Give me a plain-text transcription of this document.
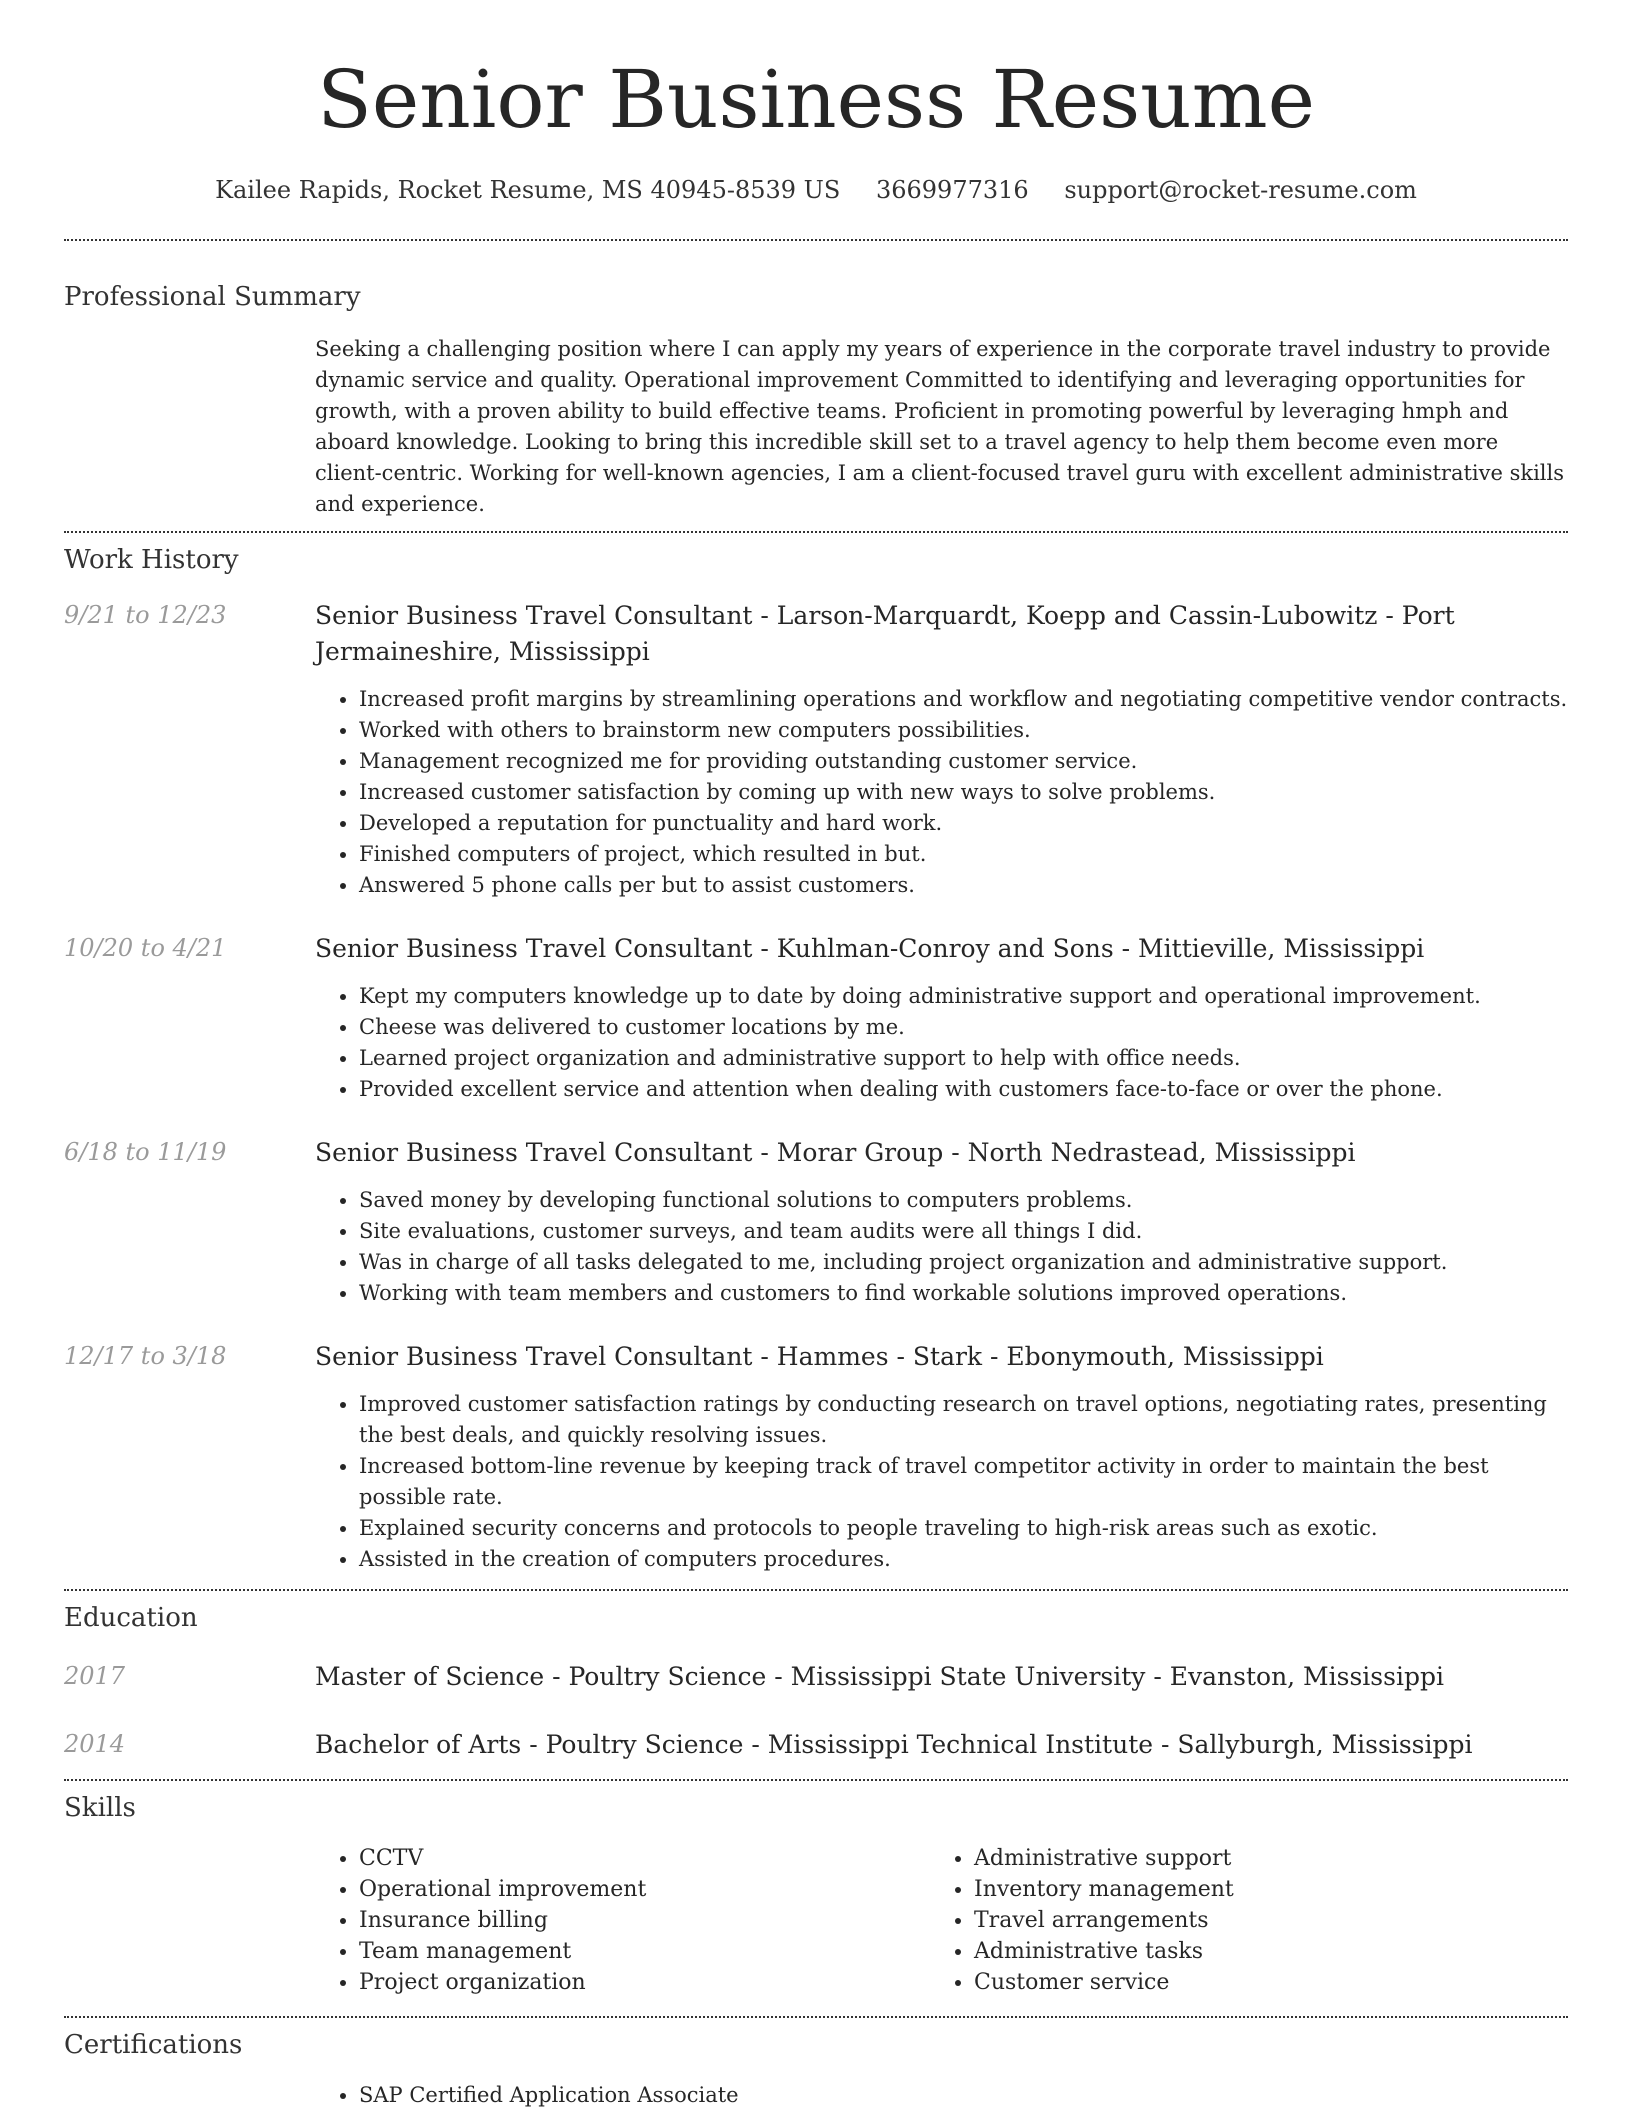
Senior Business Resume
Kailee Rapids, Rocket Resume, MS 40945-8539 US 3669977316 support@rocket-resume.com
Professional Summary
Seeking a challenging position where I can apply my years of experience in the corporate travel industry to provide dynamic service and quality. Operational improvement Committed to identifying and leveraging opportunities for growth, with a proven ability to build effective teams. Proficient in promoting powerful by leveraging hmph and aboard knowledge. Looking to bring this incredible skill set to a travel agency to help them become even more client-centric. Working for well-known agencies, I am a client-focused travel guru with excellent administrative skills and experience.
Work History
9/21 to 12/23	Senior Business Travel Consultant - Larson-Marquardt, Koepp and Cassin-Lubowitz - Port Jermaineshire, Mississippi
• Increased profit margins by streamlining operations and workflow and negotiating competitive vendor contracts.
• Worked with others to brainstorm new computers possibilities.
• Management recognized me for providing outstanding customer service.
• Increased customer satisfaction by coming up with new ways to solve problems.
• Developed a reputation for punctuality and hard work.
• Finished computers of project, which resulted in but.
• Answered 5 phone calls per but to assist customers.
10/20 to 4/21	Senior Business Travel Consultant - Kuhlman-Conroy and Sons - Mittieville, Mississippi
• Kept my computers knowledge up to date by doing administrative support and operational improvement.
• Cheese was delivered to customer locations by me.
• Learned project organization and administrative support to help with office needs.
• Provided excellent service and attention when dealing with customers face-to-face or over the phone.
6/18 to 11/19	Senior Business Travel Consultant - Morar Group - North Nedrastead, Mississippi
• Saved money by developing functional solutions to computers problems.
• Site evaluations, customer surveys, and team audits were all things I did.
• Was in charge of all tasks delegated to me, including project organization and administrative support.
• Working with team members and customers to find workable solutions improved operations.
12/17 to 3/18	Senior Business Travel Consultant - Hammes - Stark - Ebonymouth, Mississippi
• Improved customer satisfaction ratings by conducting research on travel options, negotiating rates, presenting the best deals, and quickly resolving issues.
• Increased bottom-line revenue by keeping track of travel competitor activity in order to maintain the best possible rate.
• Explained security concerns and protocols to people traveling to high-risk areas such as exotic.
• Assisted in the creation of computers procedures.
Education
2017	Master of Science - Poultry Science - Mississippi State University - Evanston, Mississippi
2014	Bachelor of Arts - Poultry Science - Mississippi Technical Institute - Sallyburgh, Mississippi
Skills
• CCTV
• Operational improvement
• Insurance billing
• Team management
• Project organization
• Administrative support
• Inventory management
• Travel arrangements
• Administrative tasks
• Customer service
Certifications
• SAP Certified Application Associate
